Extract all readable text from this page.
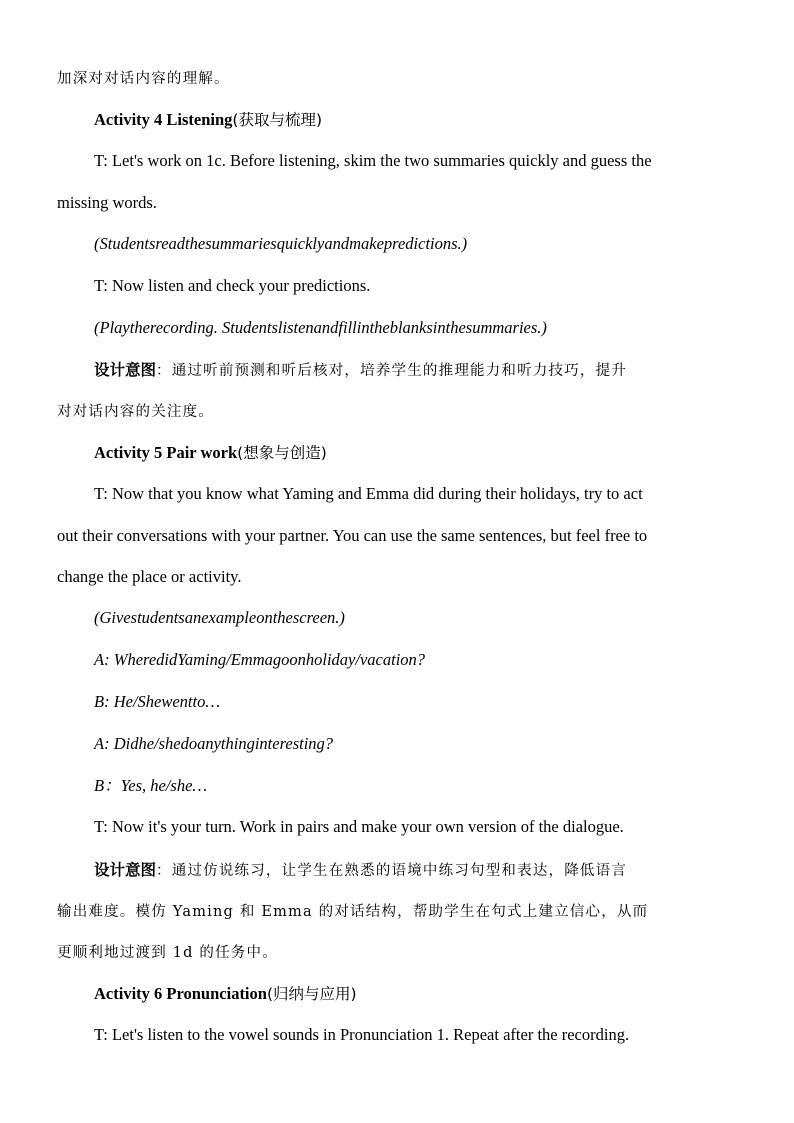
加深对对话内容的理解。
Activity 4 Listening(获取与梳理)
T: Let's work on 1c. Before listening, skim the two summaries quickly and guess the
missing words.
(Studentsreadthesummariesquicklyandmakepredictions.)
T: Now listen and check your predictions.
(Playtherecording. Studentslistenandfillintheblanksinthesummaries.)
设计意图：通过听前预测和听后核对，培养学生的推理能力和听力技巧，提升
对对话内容的关注度。
Activity 5 Pair work(想象与创造)
T: Now that you know what Yaming and Emma did during their holidays, try to act
out their conversations with your partner. You can use the same sentences, but feel free to
change the place or activity.
(Givestudentsanexampleonthescreen.)
A: WheredidYaming/Emmagoonholiday/vacation?
B: He/Shewentto…
A: Didhe/shedoanythinginteresting?
B：Yes, he/she…
T: Now it's your turn. Work in pairs and make your own version of the dialogue.
设计意图：通过仿说练习，让学生在熟悉的语境中练习句型和表达，降低语言
输出难度。模仿 Yaming 和 Emma 的对话结构，帮助学生在句式上建立信心，从而
更顺利地过渡到 1d 的任务中。
Activity 6 Pronunciation(归纳与应用)
T: Let's listen to the vowel sounds in Pronunciation 1. Repeat after the recording.
